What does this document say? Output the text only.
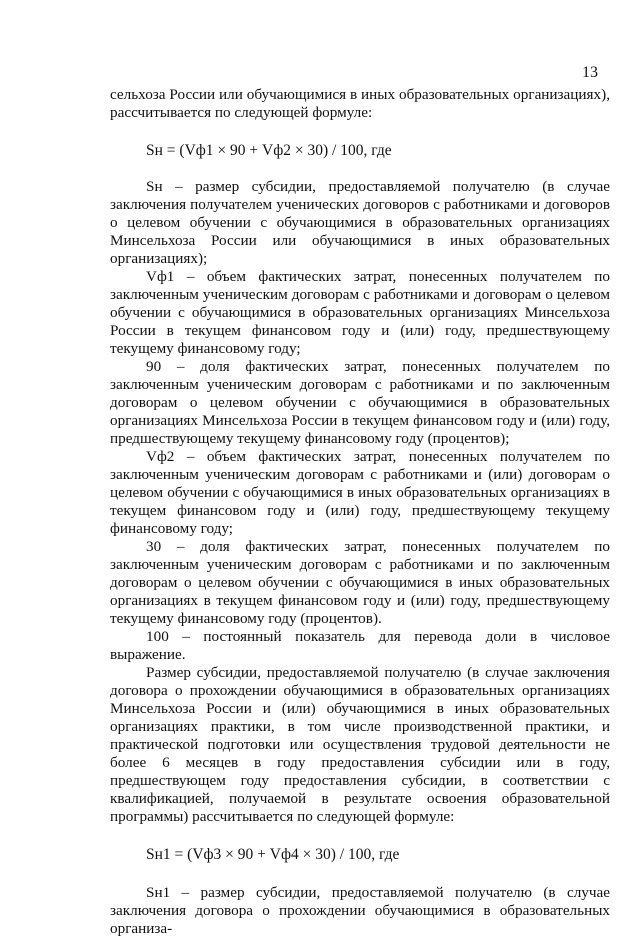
13

сельхоза России или обучающимися в иных образовательных организациях), рассчитывается по следующей формуле:

Sн = (Vф1 × 90 + Vф2 × 30) / 100, где

Sн – размер субсидии, предоставляемой получателю (в случае заключения получателем ученических договоров с работниками и договоров о целевом обучении с обучающимися в образовательных организациях Минсельхоза России или обучающимися в иных образовательных организациях);

Vф1 – объем фактических затрат, понесенных получателем по заключенным ученическим договорам с работниками и договорам о целевом обучении с обучающимися в образовательных организациях Минсельхоза России в текущем финансовом году и (или) году, предшествующему текущему финансовому году;

90 – доля фактических затрат, понесенных получателем по заключенным ученическим договорам с работниками и по заключенным договорам о целевом обучении с обучающимися в образовательных организациях Минсельхоза России в текущем финансовом году и (или) году, предшествующему текущему финансовому году (процентов);

Vф2 – объем фактических затрат, понесенных получателем по заключенным ученическим договорам с работниками и (или) договорам о целевом обучении с обучающимися в иных образовательных организациях в текущем финансовом году и (или) году, предшествующему текущему финансовому году;

30 – доля фактических затрат, понесенных получателем по заключенным ученическим договорам с работниками и по заключенным договорам о целевом обучении с обучающимися в иных образовательных организациях в текущем финансовом году и (или) году, предшествующему текущему финансовому году (процентов).

100 – постоянный показатель для перевода доли в числовое выражение.

Размер субсидии, предоставляемой получателю (в случае заключения договора о прохождении обучающимися в образовательных организациях Минсельхоза России и (или) обучающимися в иных образовательных организациях практики, в том числе производственной практики, и практической подготовки или осуществления трудовой деятельности не более 6 месяцев в году предоставления субсидии или в году, предшествующем году предоставления субсидии, в соответствии с квалификацией, получаемой в результате освоения образовательной программы) рассчитывается по следующей формуле:

Sн1 = (Vф3 × 90 + Vф4 × 30) / 100, где

Sн1 – размер субсидии, предоставляемой получателю (в случае заключения договора о прохождении обучающимися в образовательных организа-
